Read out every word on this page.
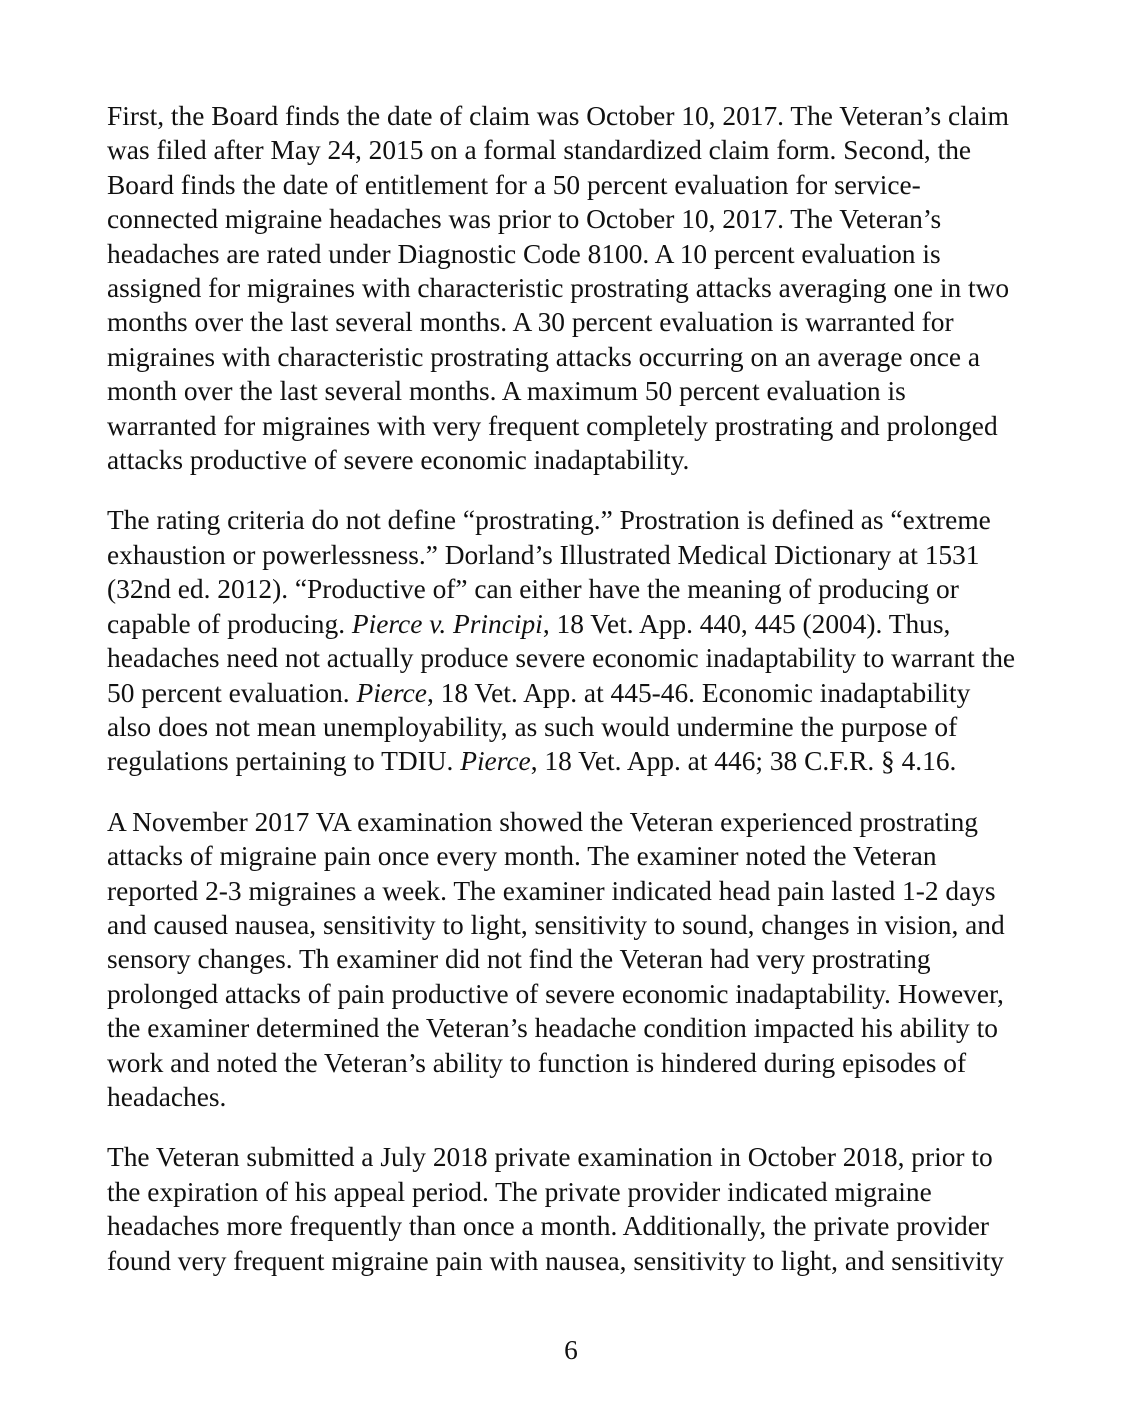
First, the Board finds the date of claim was October 10, 2017. The Veteran’s claim
was filed after May 24, 2015 on a formal standardized claim form. Second, the
Board finds the date of entitlement for a 50 percent evaluation for service-
connected migraine headaches was prior to October 10, 2017. The Veteran’s
headaches are rated under Diagnostic Code 8100. A 10 percent evaluation is
assigned for migraines with characteristic prostrating attacks averaging one in two
months over the last several months. A 30 percent evaluation is warranted for
migraines with characteristic prostrating attacks occurring on an average once a
month over the last several months. A maximum 50 percent evaluation is
warranted for migraines with very frequent completely prostrating and prolonged
attacks productive of severe economic inadaptability.
The rating criteria do not define “prostrating.” Prostration is defined as “extreme
exhaustion or powerlessness.” Dorland’s Illustrated Medical Dictionary at 1531
(32nd ed. 2012). “Productive of” can either have the meaning of producing or
capable of producing. Pierce v. Principi, 18 Vet. App. 440, 445 (2004). Thus,
headaches need not actually produce severe economic inadaptability to warrant the
50 percent evaluation. Pierce, 18 Vet. App. at 445-46. Economic inadaptability
also does not mean unemployability, as such would undermine the purpose of
regulations pertaining to TDIU. Pierce, 18 Vet. App. at 446; 38 C.F.R. § 4.16.
A November 2017 VA examination showed the Veteran experienced prostrating
attacks of migraine pain once every month. The examiner noted the Veteran
reported 2-3 migraines a week. The examiner indicated head pain lasted 1-2 days
and caused nausea, sensitivity to light, sensitivity to sound, changes in vision, and
sensory changes. Th examiner did not find the Veteran had very prostrating
prolonged attacks of pain productive of severe economic inadaptability. However,
the examiner determined the Veteran’s headache condition impacted his ability to
work and noted the Veteran’s ability to function is hindered during episodes of
headaches.
The Veteran submitted a July 2018 private examination in October 2018, prior to
the expiration of his appeal period. The private provider indicated migraine
headaches more frequently than once a month. Additionally, the private provider
found very frequent migraine pain with nausea, sensitivity to light, and sensitivity
6
